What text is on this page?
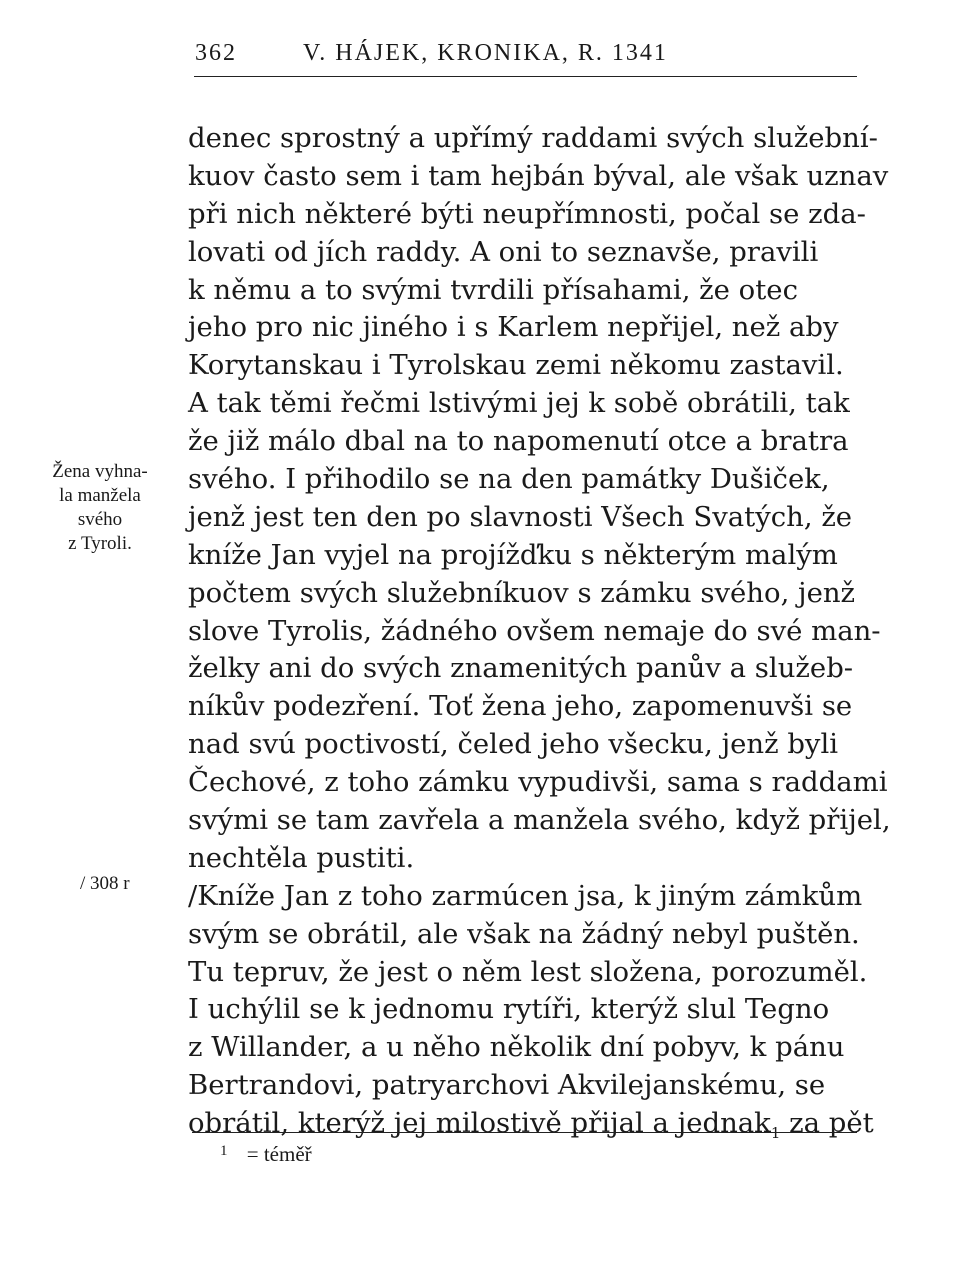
362	V. HÁJEK, KRONIKA, R. 1341
Žena vyhna-
la manžela
svého
z Tyroli.
/ 308 r
denec sprostný a upřímý raddami svých služební-
kuov často sem i tam hejbán býval, ale však uznav
při nich některé býti neupřímnosti, počal se zda-
lovati od jích raddy. A oni to seznavše, pravili
k němu a to svými tvrdili přísahami, že otec
jeho pro nic jiného i s Karlem nepřijel, než aby
Korytanskau i Tyrolskau zemi někomu zastavil.
A tak těmi řečmi lstivými jej k sobě obrátili, tak
že již málo dbal na to napomenutí otce a bratra
svého. I přihodilo se na den památky Dušiček,
jenž jest ten den po slavnosti Všech Svatých, že
kníže Jan vyjel na projížďku s některým malým
počtem svých služebníkuov s zámku svého, jenž
slove Tyrolis, žádného ovšem nemaje do své man-
želky ani do svých znamenitých panův a služeb-
níkův podezření. Toť žena jeho, zapomenuvši se
nad svú poctivostí, čeled jeho všecku, jenž byli
Čechové, z toho zámku vypudivši, sama s raddami
svými se tam zavřela a manžela svého, když přijel,
nechtěla pustiti.
/Kníže Jan z toho zarmúcen jsa, k jiným zámkům
svým se obrátil, ale však na žádný nebyl puštěn.
Tu tepruv, že jest o něm lest složena, porozuměl.
I uchýlil se k jednomu rytíři, kterýž slul Tegno
z Willander, a u něho několik dní pobyv, k pánu
Bertrandovi, patryarchovi Akvilejanskému, se
obrátil, kterýž jej milostivě přijal a jednak$_1$ za pět
$^1$ = téměř
